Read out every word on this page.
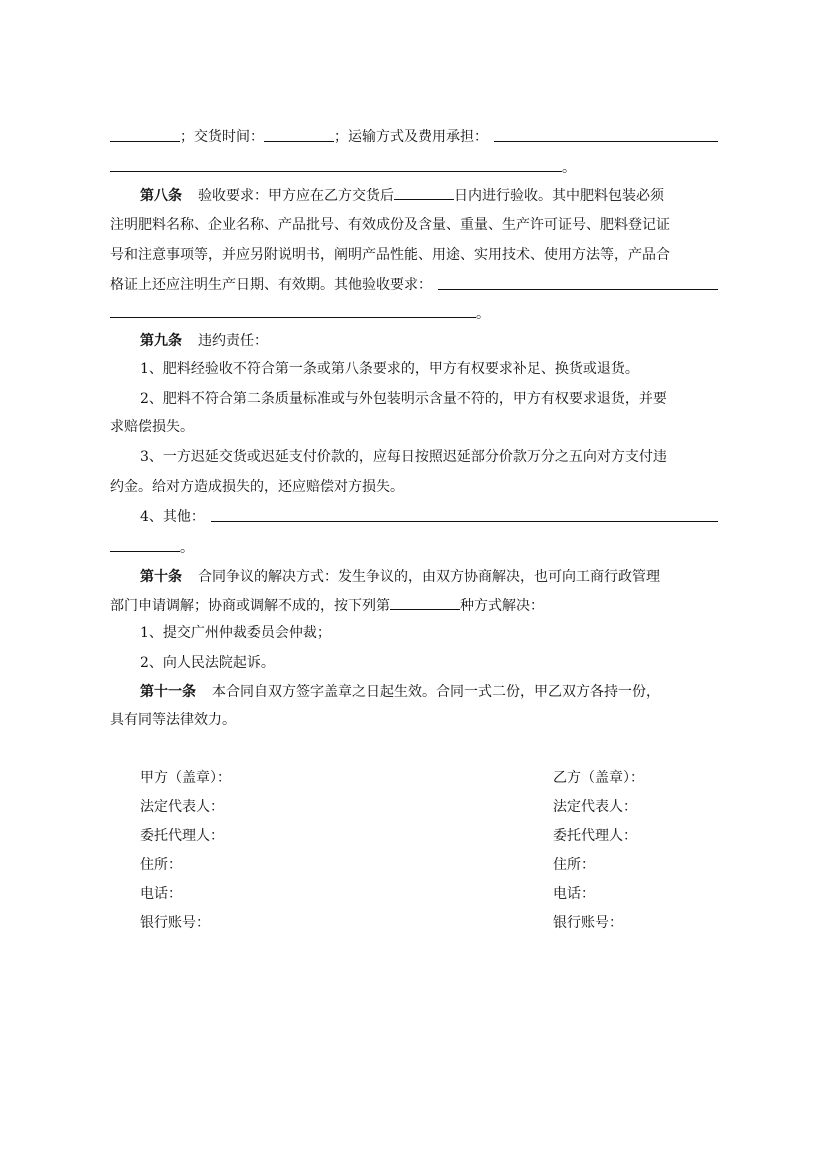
；交货时间：	；运输方式及费用承担：
。
第八条 验收要求：甲方应在乙方交货后	日内进行验收。其中肥料包装必须
注明肥料名称、企业名称、产品批号、有效成份及含量、重量、生产许可证号、肥料登记证
号和注意事项等，并应另附说明书，阐明产品性能、用途、实用技术、使用方法等，产品合
格证上还应注明生产日期、有效期。其他验收要求：
。
第九条 违约责任：
1、肥料经验收不符合第一条或第八条要求的，甲方有权要求补足、换货或退货。
2、肥料不符合第二条质量标准或与外包装明示含量不符的，甲方有权要求退货，并要
求赔偿损失。
3、一方迟延交货或迟延支付价款的，应每日按照迟延部分价款万分之五向对方支付违
约金。给对方造成损失的，还应赔偿对方损失。
4、其他：
。
第十条 合同争议的解决方式：发生争议的，由双方协商解决，也可向工商行政管理
部门申请调解；协商或调解不成的，按下列第	种方式解决：
1、提交广州仲裁委员会仲裁；
2、向人民法院起诉。
第十一条 本合同自双方签字盖章之日起生效。合同一式二份，甲乙双方各持一份，
具有同等法律效力。
甲方（盖章）：
法定代表人：
委托代理人：
住所：
电话：
银行账号：
乙方（盖章）：
法定代表人：
委托代理人：
住所：
电话：
银行账号：
